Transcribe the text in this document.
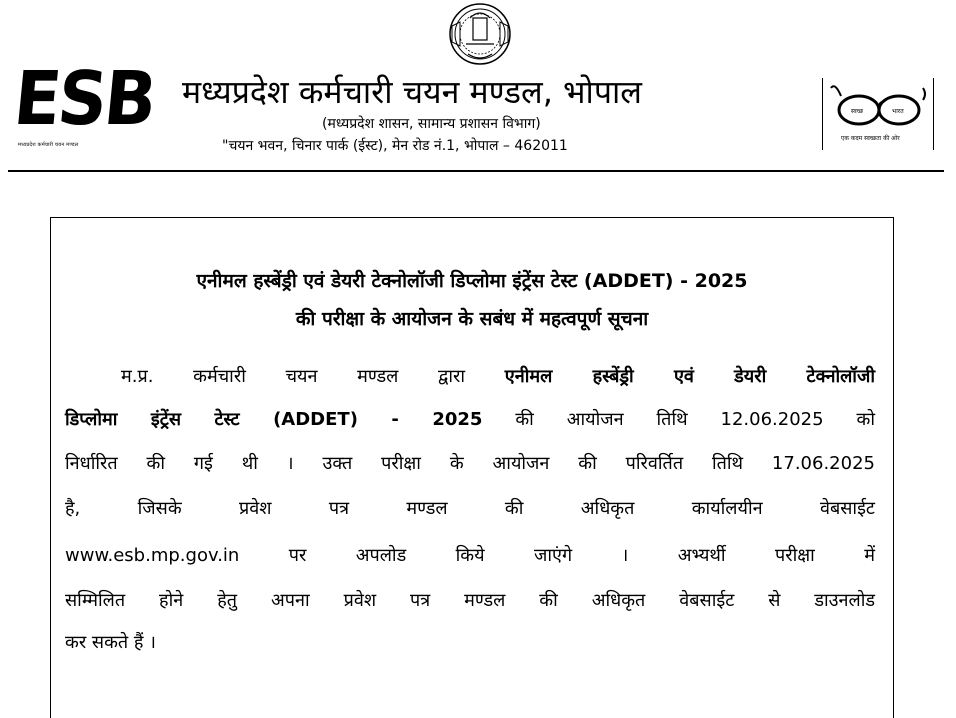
ESB
मध्यप्रदेश कर्मचारी चयन मण्डल
मध्यप्रदेश कर्मचारी चयन मण्डल, भोपाल
(मध्यप्रदेश शासन, सामान्य प्रशासन विभाग)
"चयन भवन, चिनार पार्क (ईस्ट), मेन रोड नं.1, भोपाल – 462011
स्वच्छ	भारत
एक कदम स्वच्छता की ओर
एनीमल हस्बेंड्री एवं डेयरी टेक्नोलॉजी डिप्लोमा इंट्रेंस टेस्ट (ADDET) - 2025
की परीक्षा के आयोजन के सबंध में महत्वपूर्ण सूचना
म.प्र. कर्मचारी चयन मण्डल द्वारा एनीमल हस्बेंड्री एवं डेयरी टेक्नोलॉजी
डिप्लोमा इंट्रेंस टेस्ट (ADDET) - 2025 की आयोजन तिथि 12.06.2025 को
निर्धारित की गई थी । उक्त परीक्षा के आयोजन की परिवर्तित तिथि 17.06.2025
है, जिसके प्रवेश पत्र मण्डल की अधिकृत कार्यालयीन वेबसाईट
www.esb.mp.gov.in पर अपलोड किये जाएंगे । अभ्यर्थी परीक्षा में
सम्मिलित होने हेतु अपना प्रवेश पत्र मण्डल की अधिकृत वेबसाईट से डाउनलोड
कर सकते हैं ।
